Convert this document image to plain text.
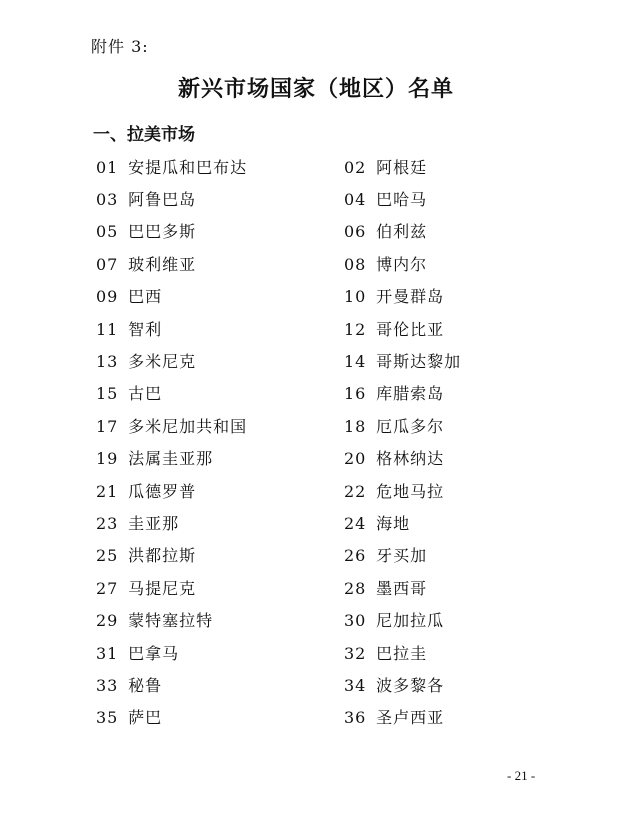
附件 3:
新兴市场国家（地区）名单
一、拉美市场
01 安提瓜和巴布达	02 阿根廷
03 阿鲁巴岛	04 巴哈马
05 巴巴多斯	06 伯利兹
07 玻利维亚	08 博内尔
09 巴西	10 开曼群岛
11 智利	12 哥伦比亚
13 多米尼克	14 哥斯达黎加
15 古巴	16 库腊索岛
17 多米尼加共和国	18 厄瓜多尔
19 法属圭亚那	20 格林纳达
21 瓜德罗普	22 危地马拉
23 圭亚那	24 海地
25 洪都拉斯	26 牙买加
27 马提尼克	28 墨西哥
29 蒙特塞拉特	30 尼加拉瓜
31 巴拿马	32 巴拉圭
33 秘鲁	34 波多黎各
35 萨巴	36 圣卢西亚
- 21 -
